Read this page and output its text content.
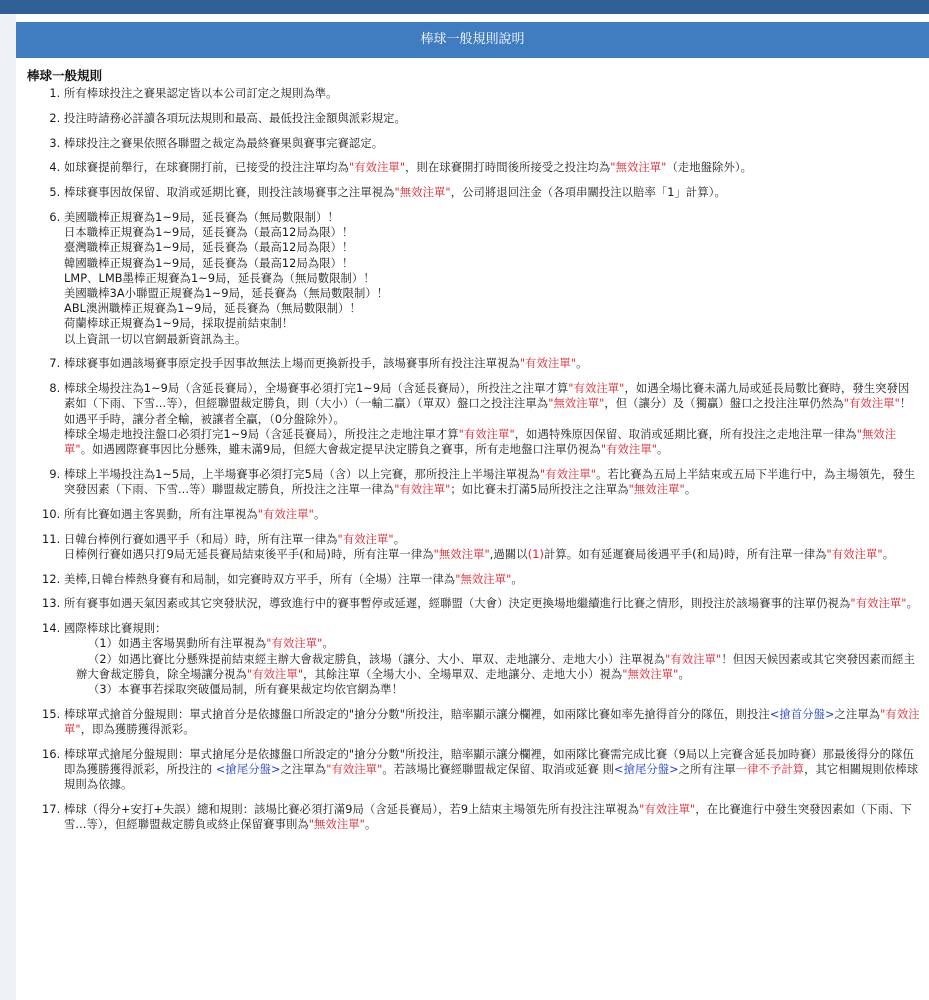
棒球一般規則說明
棒球一般規則
1. 所有棒球投注之賽果認定皆以本公司訂定之規則為準。
2. 投注時請務必詳讀各項玩法規則和最高、最低投注金額與派彩規定。
3. 棒球投注之賽果依照各聯盟之裁定為最終賽果與賽事完賽認定。
4. 如球賽提前舉行，在球賽開打前，已接受的投注注單均為"有效注單"，則在球賽開打時間後所接受之投注均為"無效注單"（走地盤除外）。
5. 棒球賽事因故保留、取消或延期比賽，則投注該場賽事之注單視為"無效注單"，公司將退回注金（各項串關投注以賠率「1」計算）。
6. 美國職棒正規賽為1~9局，延長賽為（無局數限制）！
日本職棒正規賽為1~9局，延長賽為（最高12局為限）！
臺灣職棒正規賽為1~9局，延長賽為（最高12局為限）！
韓國職棒正規賽為1~9局，延長賽為（最高12局為限）！
LMP、LMB墨棒正規賽為1~9局，延長賽為（無局數限制）！
美國職棒3A小聯盟正規賽為1~9局，延長賽為（無局數限制）！
ABL澳洲職棒正規賽為1~9局，延長賽為（無局數限制）！
荷蘭棒球正規賽為1~9局，採取提前結束制！
以上資訊一切以官網最新資訊為主。
7. 棒球賽事如遇該場賽事原定投手因事故無法上場而更換新投手，該場賽事所有投注注單視為"有效注單"。
8. 棒球全場投注為1~9局（含延長賽局），全場賽事必須打完1~9局（含延長賽局），所投注之注單才算"有效注單"，如遇全場比賽未滿九局或延長局數比賽時，發生突發因素如（下雨、下雪...等），但經聯盟裁定勝負，則（大小）（一輸二贏）（單双）盤口之投注注單為"無效注單"，但（讓分）及（獨贏）盤口之投注注單仍然為"有效注單"！如遇平手時，讓分者全輸，被讓者全贏，（0分盤除外）。
棒球全場走地投注盤口必須打完1~9局（含延長賽局），所投注之走地注單才算"有效注單"，如遇特殊原因保留、取消或延期比賽，所有投注之走地注單一律為"無效注單"。如遇國際賽事因比分懸殊，雖未滿9局，但經大會裁定提早決定勝負之賽事，所有走地盤口注單仍視為"有效注單"。
9. 棒球上半場投注為1~5局，上半場賽事必須打完5局（含）以上完賽，那所投注上半場注單視為"有效注單"。若比賽為五局上半結束或五局下半進行中，為主場領先，發生突發因素（下雨、下雪...等）聯盟裁定勝負，所投注之注單一律為"有效注單"；如比賽未打滿5局所投注之注單為"無效注單"。
10. 所有比賽如遇主客異動，所有注單視為"有效注單"。
11. 日韓台棒例行賽如遇平手（和局）時，所有注單一律為"有效注單"。
日棒例行賽如遇只打9局无延長賽局結束後平手(和局)時，所有注單一律為"無效注單",過關以(1)計算。如有延遲賽局後遇平手(和局)時，所有注單一律為"有效注單"。
12. 美棒,日韓台棒熱身賽有和局制，如完賽時双方平手，所有（全場）注單一律為"無效注單"。
13. 所有賽事如遇天氣因素或其它突發狀況，導致進行中的賽事暫停或延遲，經聯盟（大會）決定更換場地繼續進行比賽之情形，則投注於該場賽事的注單仍視為"有效注單"。
14. 國際棒球比賽規則：
（1）如遇主客場異動所有注單視為"有效注單"。
（2）如遇比賽比分懸殊提前結束經主辦大會裁定勝負，該場（讓分、大小、單双、走地讓分、走地大小）注單視為"有效注單"！但因天候因素或其它突發因素而經主辦大會裁定勝負，除全場讓分視為"有效注單"，其餘注單（全場大小、全場單双、走地讓分、走地大小）視為"無效注單"。
（3）本賽事若採取突破僵局制，所有賽果裁定均依官網為準！
15. 棒球單式搶首分盤規則：單式搶首分是依據盤口所設定的"搶分分數"所投注，賠率顯示讓分欄裡，如兩隊比賽如率先搶得首分的隊伍，則投注<搶首分盤>之注單為"有效注單"，即為獲勝獲得派彩。
16. 棒球單式搶尾分盤規則：單式搶尾分是依據盤口所設定的"搶分分數"所投注，賠率顯示讓分欄裡，如兩隊比賽需完成比賽（9局以上完賽含延長加時賽）那最後得分的隊伍即為獲勝獲得派彩，所投注的 <搶尾分盤>之注單為"有效注單"。若該場比賽經聯盟裁定保留、取消或延賽 則<搶尾分盤>之所有注單一律不予計算，其它相關規則依棒球規則為依據。
17. 棒球（得分+安打+失誤）總和規則：該場比賽必須打滿9局（含延長賽局），若9上結束主場領先所有投注注單視為"有效注單"，在比賽進行中發生突發因素如（下雨、下雪...等），但經聯盟裁定勝負或終止保留賽事則為"無效注單"。
